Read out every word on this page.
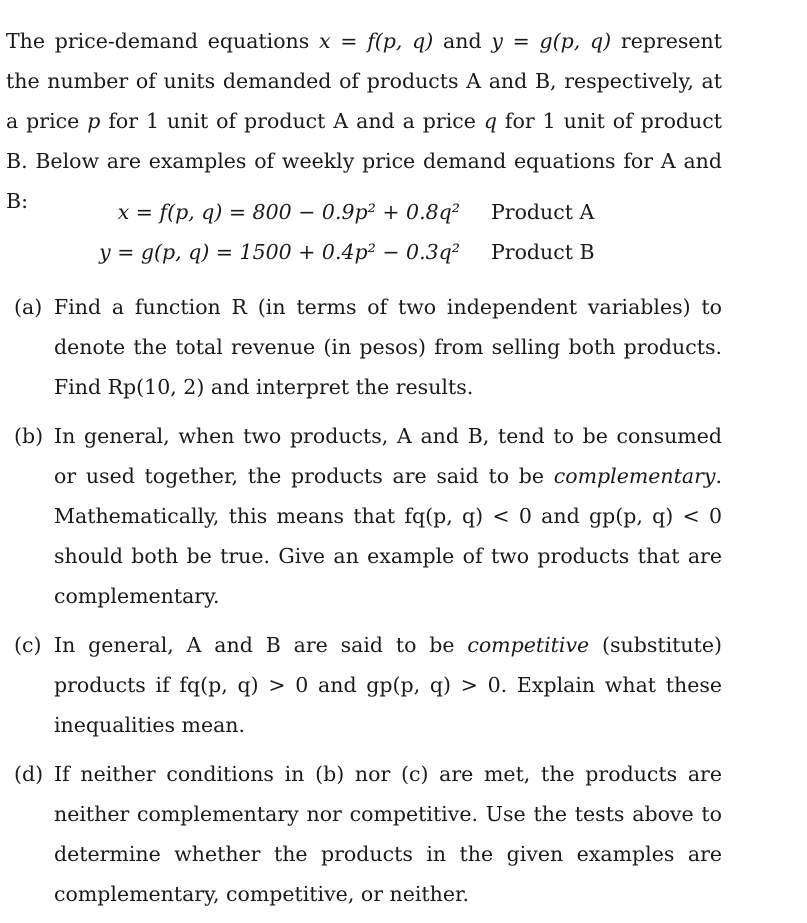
The price-demand equations x = f(p, q) and y = g(p, q) represent the number of units demanded of products A and B, respectively, at a price p for 1 unit of product A and a price q for 1 unit of product B. Below are examples of weekly price demand equations for A and B:	x = f(p, q) = 800 − 0.9p² + 0.8q² Product A
y = g(p, q) = 1500 + 0.4p² − 0.3q² Product B
(a) Find a function R (in terms of two independent variables) to denote the total revenue (in pesos) from selling both products. Find Rp(10, 2) and interpret the results.
(b) In general, when two products, A and B, tend to be consumed or used together, the products are said to be complementary. Mathematically, this means that fq(p, q) < 0 and gp(p, q) < 0 should both be true. Give an example of two products that are complementary.
(c) In general, A and B are said to be competitive (substitute) products if fq(p, q) > 0 and gp(p, q) > 0. Explain what these inequalities mean.
(d) If neither conditions in (b) nor (c) are met, the products are neither complementary nor competitive. Use the tests above to determine whether the products in the given examples are complementary, competitive, or neither.
